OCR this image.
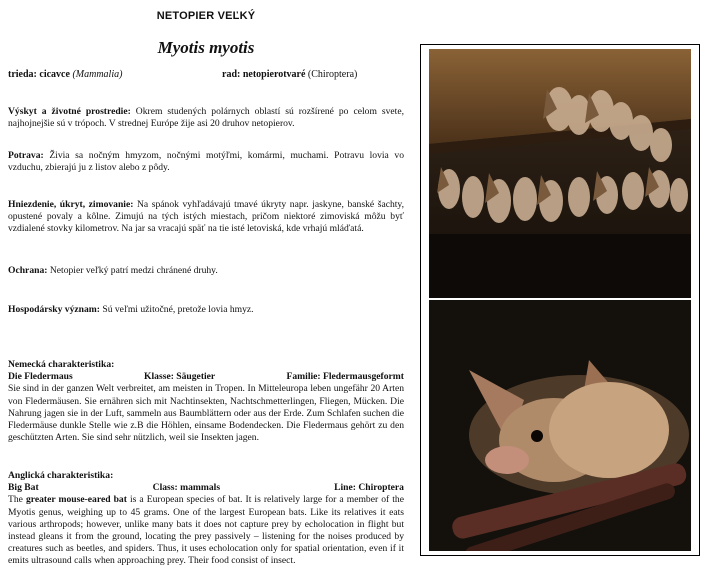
NETOPIER VEĽKÝ
Myotis myotis
trieda: cicavce (Mammalia)	rad: netopierotvaré (Chiroptera)
Výskyt a životné prostredie: Okrem studených polárnych oblastí sú rozšírené po celom svete, najhojnejšie sú v trópoch. V strednej Európe žije asi 20 druhov netopierov.
Potrava: Živia sa nočným hmyzom, nočnými motýľmi, komármi, muchami. Potravu lovia vo vzduchu, zbierajú ju z listov alebo z pôdy.
Hniezdenie, úkryt, zimovanie: Na spánok vyhľadávajú tmavé úkryty napr. jaskyne, banské šachty, opustené povaly a kôlne. Zimujú na tých istých miestach, pričom niektoré zimoviská môžu byť vzdialené stovky kilometrov. Na jar sa vracajú späť na tie isté letoviská, kde vrhajú mláďatá.
Ochrana: Netopier veľký patrí medzi chránené druhy.
Hospodársky význam: Sú veľmi užitočné, pretože lovia hmyz.
Nemecká charakteristika:
Die Fledermaus	Klasse: Säugetier	Familie: Fledermausgeformt
Sie sind in der ganzen Welt verbreitet, am meisten in Tropen. In Mitteleuropa leben ungefähr 20 Arten von Fledermäusen. Sie ernähren sich mit Nachtinsekten, Nachtschmetterlingen, Fliegen, Mücken. Die Nahrung jagen sie in der Luft, sammeln aus Baumblättern oder aus der Erde. Zum Schlafen suchen die Fledermäuse dunkle Stelle wie z.B die Höhlen, einsame Bodendecken. Die Fledermaus gehört zu den geschützten Arten. Sie sind sehr nützlich, weil sie Insekten jagen.
Anglická charakteristika:
Big Bat	Class: mammals	Line: Chiroptera
The greater mouse-eared bat is a European species of bat. It is relatively large for a member of the Myotis genus, weighing up to 45 grams. One of the largest European bats. Like its relatives it eats various arthropods; however, unlike many bats it does not capture prey by echolocation in flight but instead gleans it from the ground, locating the prey passively – listening for the noises produced by creatures such as beetles, and spiders. Thus, it uses echolocation only for spatial orientation, even if it emits ultrasound calls when approaching prey. Their food consist of insect.
